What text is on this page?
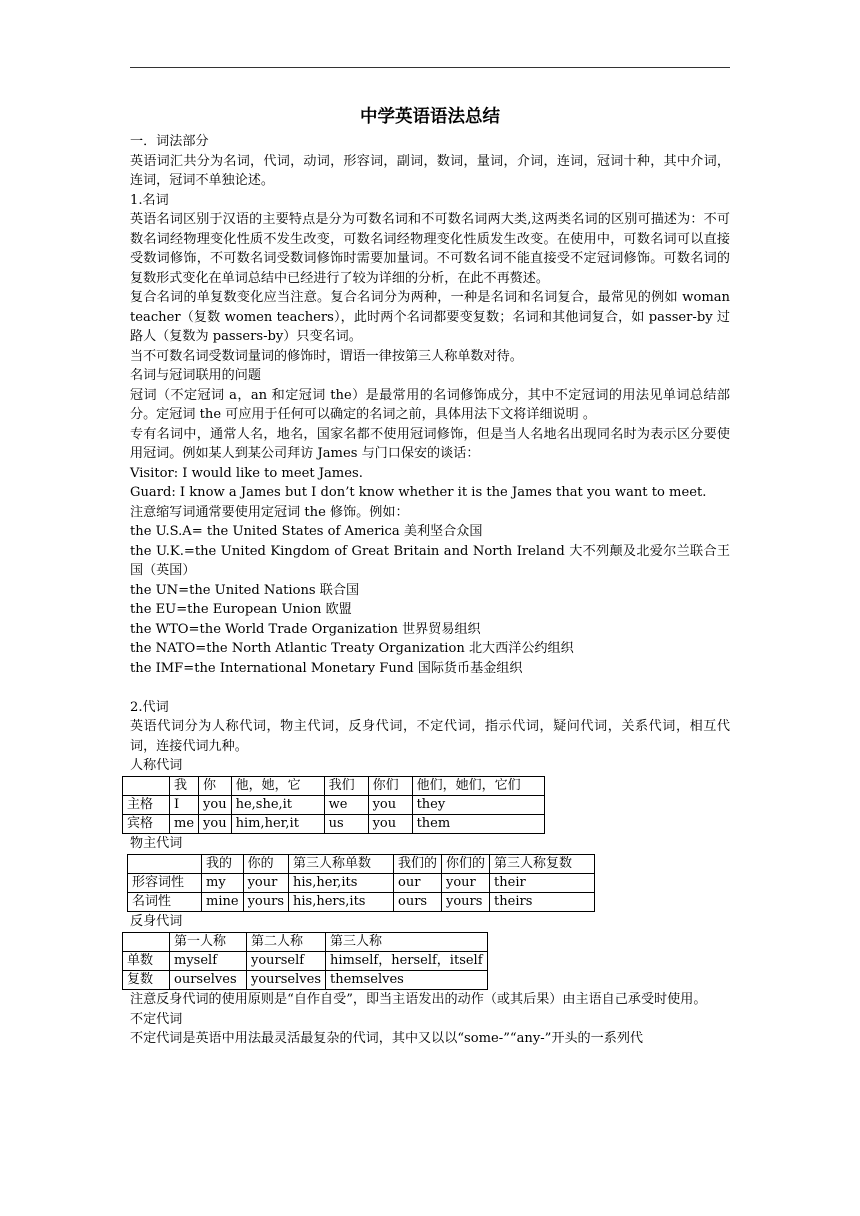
中学英语语法总结

一．词法部分

英语词汇共分为名词，代词，动词，形容词，副词，数词，量词，介词，连词，冠词十种，其中介词，连词，冠词不单独论述。

1.名词

英语名词区别于汉语的主要特点是分为可数名词和不可数名词两大类,这两类名词的区别可描述为：不可数名词经物理变化性质不发生改变，可数名词经物理变化性质发生改变。在使用中，可数名词可以直接受数词修饰，不可数名词受数词修饰时需要加量词。不可数名词不能直接受不定冠词修饰。可数名词的复数形式变化在单词总结中已经进行了较为详细的分析，在此不再赘述。

复合名词的单复数变化应当注意。复合名词分为两种，一种是名词和名词复合，最常见的例如 woman teacher（复数 women teachers），此时两个名词都要变复数；名词和其他词复合，如 passer-by 过路人（复数为 passers-by）只变名词。

当不可数名词受数词量词的修饰时，谓语一律按第三人称单数对待。

名词与冠词联用的问题

冠词（不定冠词 a，an 和定冠词 the）是最常用的名词修饰成分，其中不定冠词的用法见单词总结部分。定冠词 the 可应用于任何可以确定的名词之前，具体用法下文将详细说明 。

专有名词中，通常人名，地名，国家名都不使用冠词修饰，但是当人名地名出现同名时为表示区分要使用冠词。例如某人到某公司拜访 James 与门口保安的谈话：

Visitor: I would like to meet James.

Guard: I know a James but I don’t know whether it is the James that you want to meet.

注意缩写词通常要使用定冠词 the 修饰。例如：

the U.S.A= the United States of America 美利坚合众国

the U.K.=the United Kingdom of Great Britain and North Ireland 大不列颠及北爱尔兰联合王国（英国）

the UN=the United Nations 联合国

the EU=the European Union 欧盟

the WTO=the World Trade Organization 世界贸易组织

the NATO=the North Atlantic Treaty Organization 北大西洋公约组织

the IMF=the International Monetary Fund 国际货币基金组织

2.代词

英语代词分为人称代词，物主代词，反身代词，不定代词，指示代词，疑问代词，关系代词，相互代词，连接代词九种。

人称代词

	我	你	他，她，它	我们	你们	他们，她们，它们
主格	I	you	he,she,it	we	you	they
宾格	me	you	him,her,it	us	you	them

物主代词

	我的	你的	第三人称单数	我们的	你们的	第三人称复数
形容词性	my	your	his,her,its	our	your	their
名词性	mine	yours	his,hers,its	ours	yours	theirs

反身代词

	第一人称	第二人称	第三人称
单数	myself	yourself	himself，herself，itself
复数	ourselves	yourselves	themselves

注意反身代词的使用原则是“自作自受”，即当主语发出的动作（或其后果）由主语自己承受时使用。

不定代词

不定代词是英语中用法最灵活最复杂的代词，其中又以以“some-”“any-”开头的一系列代
